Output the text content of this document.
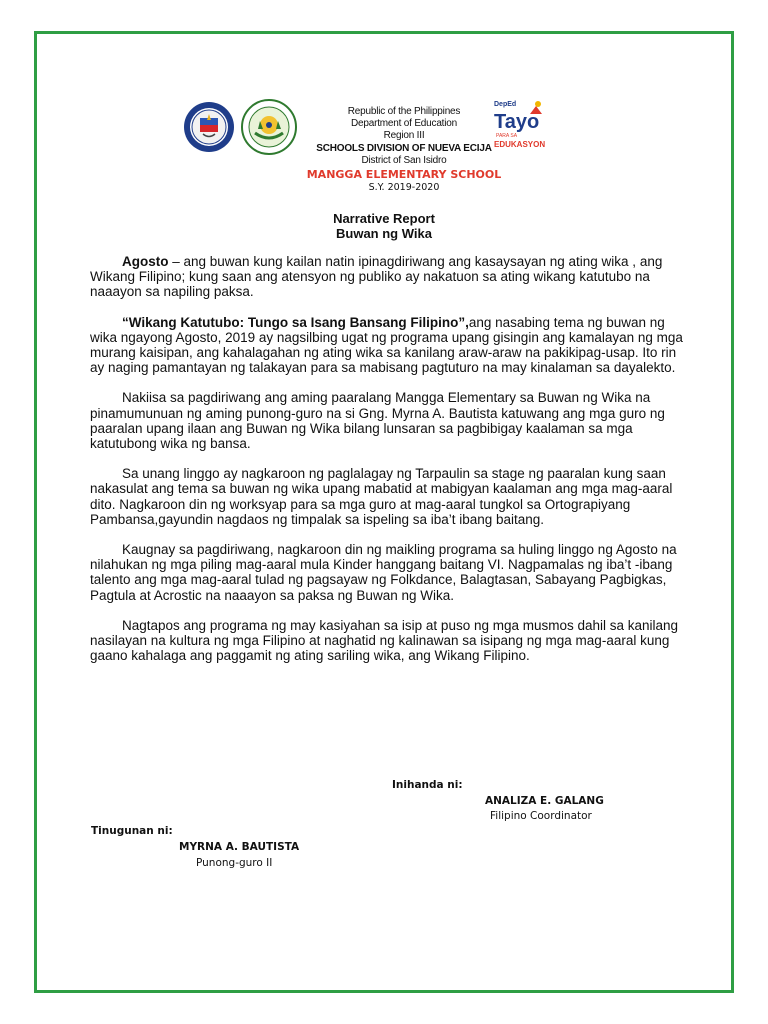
DepEd
Tayo
PARA SA
EDUKASYON
Republic of the Philippines
Department of Education
Region III
SCHOOLS DIVISION OF NUEVA ECIJA
District of San Isidro
MANGGA ELEMENTARY SCHOOL
S.Y. 2019-2020
Narrative Report
Buwan ng Wika

Agosto – ang buwan kung kailan natin ipinagdiriwang ang kasaysayan ng ating wika , ang Wikang Filipino; kung saan ang atensyon ng publiko ay nakatuon sa ating wikang katutubo na naaayon sa napiling paksa.

“Wikang Katutubo: Tungo sa Isang Bansang Filipino”,ang nasabing tema ng buwan ng wika ngayong Agosto, 2019 ay nagsilbing ugat ng programa upang gisingin ang kamalayan ng mga murang kaisipan, ang kahalagahan ng ating wika sa kanilang araw-araw na pakikipag-usap. Ito rin ay naging pamantayan ng talakayan para sa mabisang pagtuturo na may kinalaman sa dayalekto.

Nakiisa sa pagdiriwang ang aming paaralang Mangga Elementary sa Buwan ng Wika na pinamumunuan ng aming punong-guro na si Gng. Myrna A. Bautista katuwang ang mga guro ng paaralan upang ilaan ang Buwan ng Wika bilang lunsaran sa pagbibigay kaalaman sa mga katutubong wika ng bansa.

Sa unang linggo ay nagkaroon ng paglalagay ng Tarpaulin sa stage ng paaralan kung saan nakasulat ang tema sa buwan ng wika upang mabatid at mabigyan kaalaman ang mga mag-aaral dito. Nagkaroon din ng worksyap para sa mga guro at mag-aaral tungkol sa Ortograpiyang Pambansa,gayundin nagdaos ng timpalak sa ispeling sa iba’t ibang baitang.

Kaugnay sa pagdiriwang, nagkaroon din ng maikling programa sa huling linggo ng Agosto na nilahukan ng mga piling mag-aaral mula Kinder hanggang baitang VI. Nagpamalas ng iba’t -ibang talento ang mga mag-aaral tulad ng pagsayaw ng Folkdance, Balagtasan, Sabayang Pagbigkas, Pagtula at Acrostic na naaayon sa paksa ng Buwan ng Wika.

Nagtapos ang programa ng may kasiyahan sa isip at puso ng mga musmos dahil sa kanilang nasilayan na kultura ng mga Filipino at naghatid ng kalinawan sa isipang ng mga mag-aaral kung gaano kahalaga ang paggamit ng ating sariling wika, ang Wikang Filipino.

Inihanda ni:
ANALIZA E. GALANG
Filipino Coordinator
Tinugunan ni:
MYRNA A. BAUTISTA
Punong-guro II
